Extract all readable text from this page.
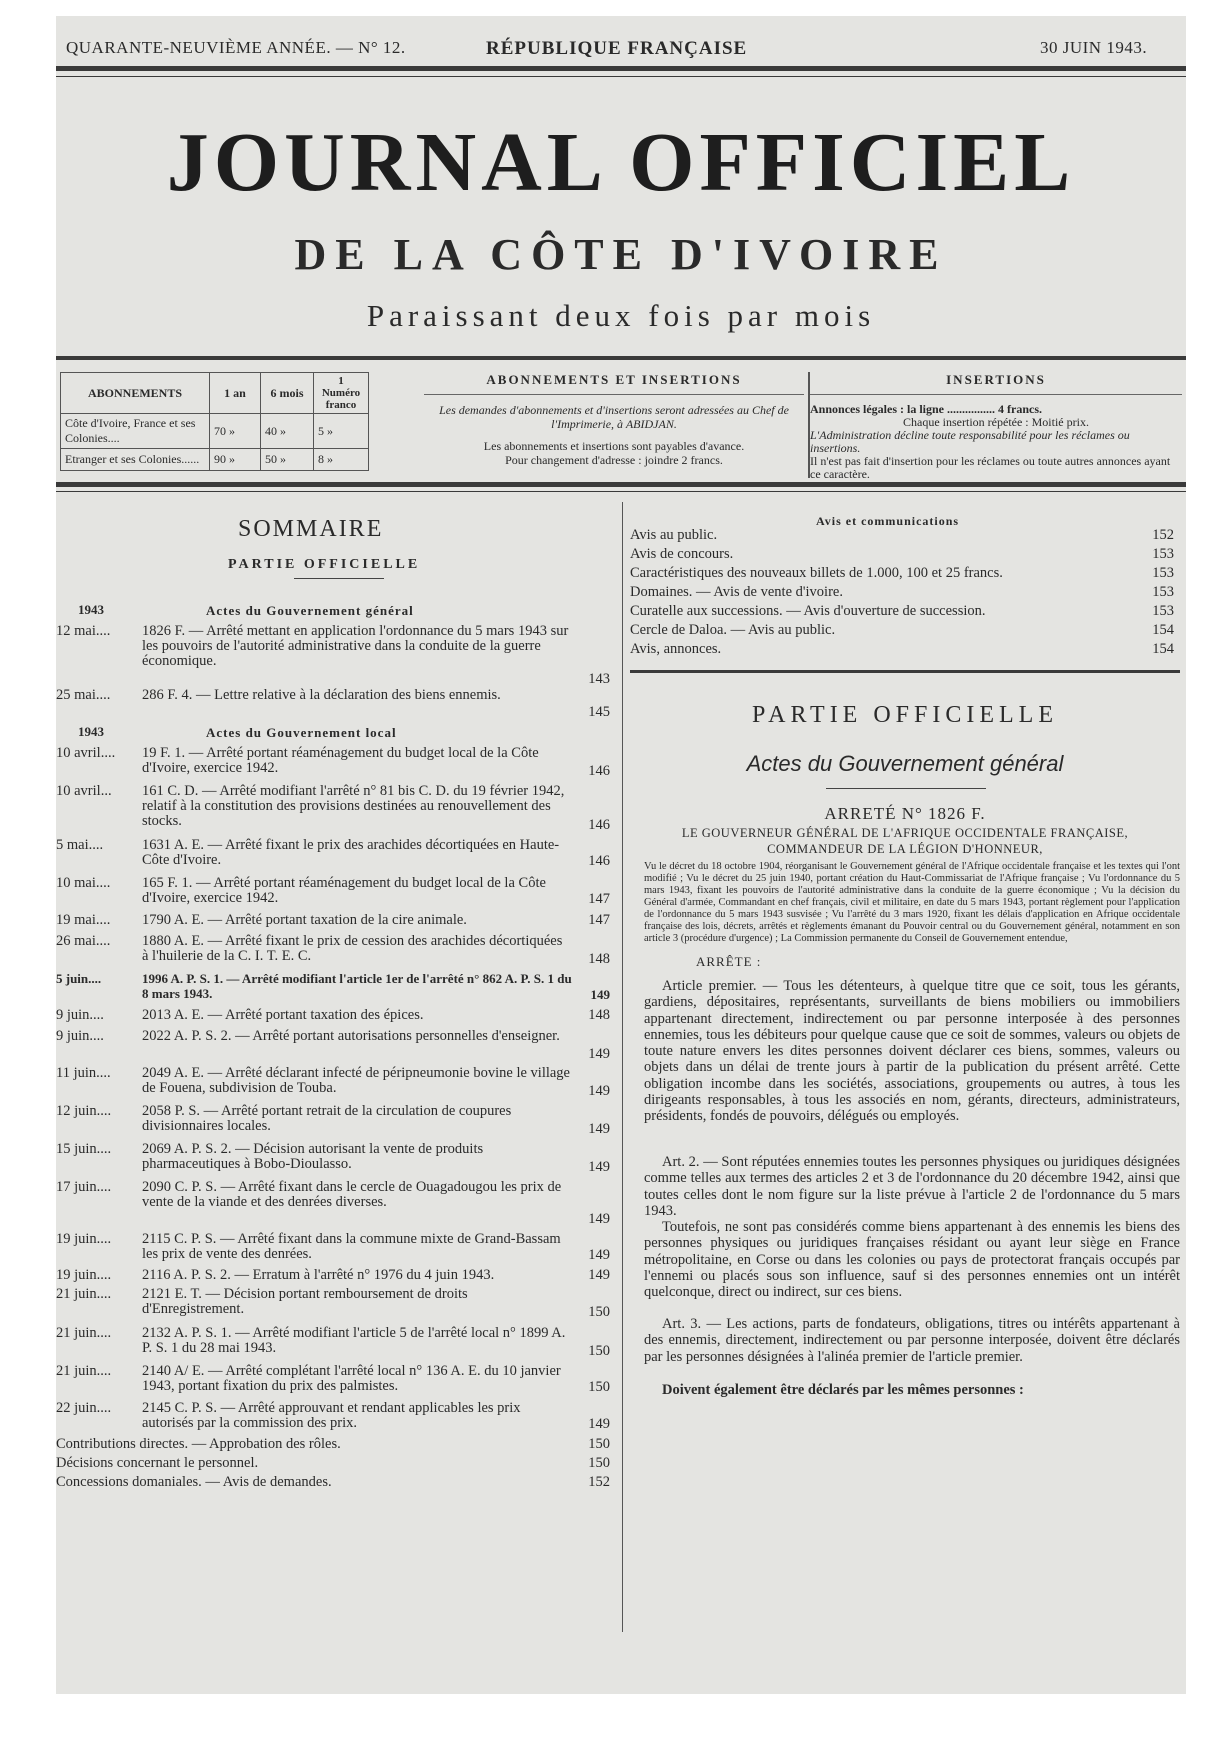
QUARANTE-NEUVIÈME ANNÉE. — N° 12.	RÉPUBLIQUE FRANÇAISE	30 JUIN 1943.
JOURNAL OFFICIEL
DE LA CÔTE D'IVOIRE
Paraissant deux fois par mois
ABONNEMENTS	1 an	6 mois	1 Numéro franco
Côte d'Ivoire, France et ses Colonies....	70 »	40 »	5 »
Etranger et ses Colonies......	90 »	50 »	8 »
ABONNEMENTS ET INSERTIONS
Les demandes d'abonnements et d'insertions seront adressées au Chef de l'Imprimerie, à ABIDJAN.
Les abonnements et insertions sont payables d'avance.
Pour changement d'adresse : joindre 2 francs.
INSERTIONS
Annonces légales : la ligne ................ 4 francs.
Chaque insertion répétée : Moitié prix.
L'Administration décline toute responsabilité pour les réclames ou insertions.
Il n'est pas fait d'insertion pour les réclames ou toute autres annonces ayant ce caractère.
SOMMAIRE
PARTIE OFFICIELLE
1943	Actes du Gouvernement général
12 mai.... 1826 F. — Arrêté mettant en application l'ordonnance du 5 mars 1943 sur les pouvoirs de l'autorité administrative dans la conduite de la guerre économique.
143
25 mai.... 286 F. 4. — Lettre relative à la déclaration des biens ennemis.
145
1943	Actes du Gouvernement local
10 avril.... 19 F. 1. — Arrêté portant réaménagement du budget local de la Côte d'Ivoire, exercice 1942.	146
10 avril... 161 C. D. — Arrêté modifiant l'arrêté n° 81 bis C. D. du 19 février 1942, relatif à la constitution des provisions destinées au renouvellement des stocks.	146
5 mai....	1631 A. E. — Arrêté fixant le prix des arachides décortiquées en Haute-Côte d'Ivoire.	146
10 mai.... 165 F. 1. — Arrêté portant réaménagement du budget local de la Côte d'Ivoire, exercice 1942.	147
19 mai.... 1790 A. E. — Arrêté portant taxation de la cire animale.	147
26 mai.... 1880 A. E. — Arrêté fixant le prix de cession des arachides décortiquées à l'huilerie de la C. I. T. E. C.	148
5 juin....	1996 A. P. S. 1. — Arrêté modifiant l'article 1er de l'arrêté n° 862 A. P. S. 1 du 8 mars 1943.	149
9 juin....	2013 A. E. — Arrêté portant taxation des épices.	148
9 juin....	2022 A. P. S. 2. — Arrêté portant autorisations personnelles d'enseigner.
149
11 juin.... 2049 A. E. — Arrêté déclarant infecté de péripneumonie bovine le village de Fouena, subdivision de Touba.	149
12 juin.... 2058 P. S. — Arrêté portant retrait de la circulation de coupures divisionnaires locales.	149
15 juin.... 2069 A. P. S. 2. — Décision autorisant la vente de produits pharmaceutiques à Bobo-Dioulasso.	149
17 juin.... 2090 C. P. S. — Arrêté fixant dans le cercle de Ouagadougou les prix de vente de la viande et des denrées diverses.
149
19 juin.... 2115 C. P. S. — Arrêté fixant dans la commune mixte de Grand-Bassam les prix de vente des denrées.	149
19 juin.... 2116 A. P. S. 2. — Erratum à l'arrêté n° 1976 du 4 juin 1943.	149
21 juin.... 2121 E. T. — Décision portant remboursement de droits d'Enregistrement.	150
21 juin.... 2132 A. P. S. 1. — Arrêté modifiant l'article 5 de l'arrêté local n° 1899 A. P. S. 1 du 28 mai 1943.	150
21 juin.... 2140 A/ E. — Arrêté complétant l'arrêté local n° 136 A. E. du 10 janvier 1943, portant fixation du prix des palmistes.	150
22 juin.... 2145 C. P. S. — Arrêté approuvant et rendant applicables les prix autorisés par la commission des prix.	149
Contributions directes. — Approbation des rôles.	150
Décisions concernant le personnel.	150
Concessions domaniales. — Avis de demandes.	152
Avis et communications
Avis au public.	152
Avis de concours.	153
Caractéristiques des nouveaux billets de 1.000, 100 et 25 francs.	153
Domaines. — Avis de vente d'ivoire.	153
Curatelle aux successions. — Avis d'ouverture de succession.	153
Cercle de Daloa. — Avis au public.	154
Avis, annonces.	154
PARTIE OFFICIELLE
Actes du Gouvernement général
ARRETÉ N° 1826 F.
LE GOUVERNEUR GÉNÉRAL DE L'AFRIQUE OCCIDENTALE FRANÇAISE,
COMMANDEUR DE LA LÉGION D'HONNEUR,
Vu le décret du 18 octobre 1904, réorganisant le Gouvernement général de l'Afrique occidentale française et les textes qui l'ont modifié ; Vu le décret du 25 juin 1940, portant création du Haut-Commissariat de l'Afrique française ; Vu l'ordonnance du 5 mars 1943, fixant les pouvoirs de l'autorité administrative dans la conduite de la guerre économique ; Vu la décision du Général d'armée, Commandant en chef français, civil et militaire, en date du 5 mars 1943, portant règlement pour l'application de l'ordonnance du 5 mars 1943 susvisée ; Vu l'arrêté du 3 mars 1920, fixant les délais d'application en Afrique occidentale française des lois, décrets, arrêtés et règlements émanant du Pouvoir central ou du Gouvernement général, notamment en son article 3 (procédure d'urgence) ; La Commission permanente du Conseil de Gouvernement entendue,
ARRÊTE :
Article premier. — Tous les détenteurs, à quelque titre que ce soit, tous les gérants, gardiens, dépositaires, représentants, surveillants de biens mobiliers ou immobiliers appartenant directement, indirectement ou par personne interposée à des personnes ennemies, tous les débiteurs pour quelque cause que ce soit de sommes, valeurs ou objets de toute nature envers les dites personnes doivent déclarer ces biens, sommes, valeurs ou objets dans un délai de trente jours à partir de la publication du présent arrêté. Cette obligation incombe dans les sociétés, associations, groupements ou autres, à tous les dirigeants responsables, à tous les associés en nom, gérants, directeurs, administrateurs, présidents, fondés de pouvoirs, délégués ou employés.
Art. 2. — Sont réputées ennemies toutes les personnes physiques ou juridiques désignées comme telles aux termes des articles 2 et 3 de l'ordonnance du 20 décembre 1942, ainsi que toutes celles dont le nom figure sur la liste prévue à l'article 2 de l'ordonnance du 5 mars 1943.
Toutefois, ne sont pas considérés comme biens appartenant à des ennemis les biens des personnes physiques ou juridiques françaises résidant ou ayant leur siège en France métropolitaine, en Corse ou dans les colonies ou pays de protectorat français occupés par l'ennemi ou placés sous son influence, sauf si des personnes ennemies ont un intérêt quelconque, direct ou indirect, sur ces biens.
Art. 3. — Les actions, parts de fondateurs, obligations, titres ou intérêts appartenant à des ennemis, directement, indirectement ou par personne interposée, doivent être déclarés par les personnes désignées à l'alinéa premier de l'article premier.
Doivent également être déclarés par les mêmes personnes :
